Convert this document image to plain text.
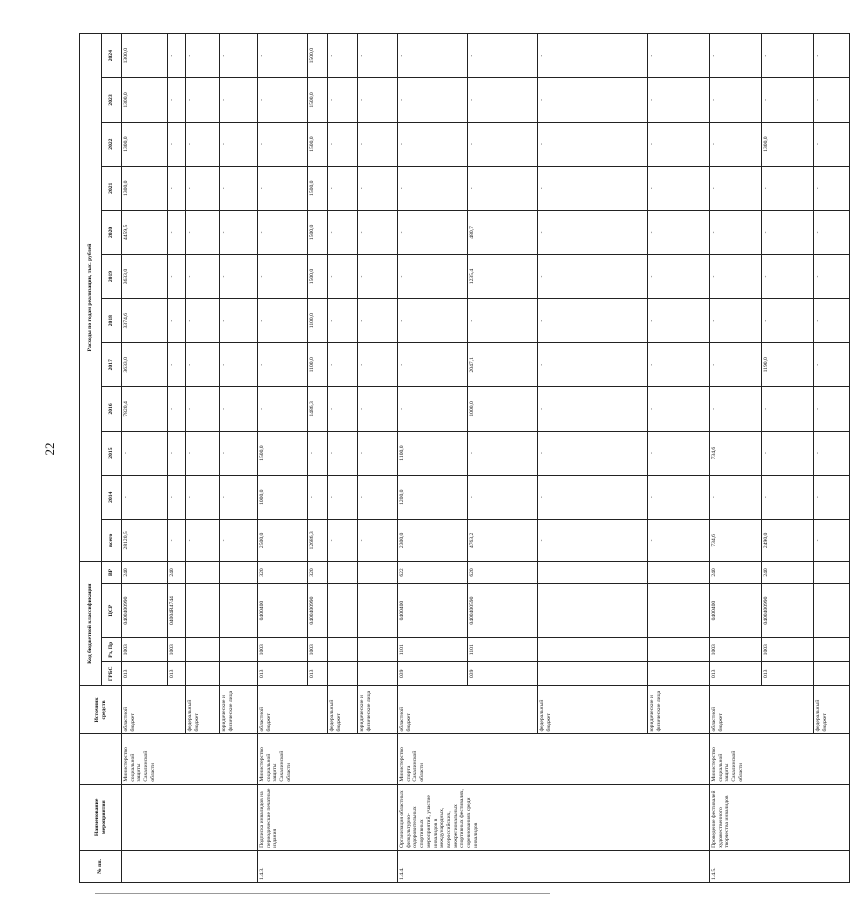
22
№ пп.	Наименование мероприятия		Источник средств	Код бюджетной классификации				Расходы по годам реализации, тыс. рублей											
				ГРБС	Рз, Пр	ЦСР	ВР	всего	2014	2015	2016	2017	2018	2019	2020	2021	2022	2023	2024
		Министерство социальной защиты Сахалинской области	областной бюджет	013	1003	0400400990	240	28120,5	-	-	7820,4	3633,0	3374,6	3633,0	4459,5	1300,0	1300,0	1300,0	1300,0
				013	1003	04004R4744	240	-	-	-	-	-	-	-	-	-	-	-	-
			федеральный бюджет					-	-	-	-	-	-	-	-	-	-	-	-
			юридические и физические лица					-	-	-	-	-	-	-	-	-	-	-	-
1.4.3.	Подписка инвалидов на периодические печатные издания	Министерство социальной защиты Сахалинской области	областной бюджет	013	1003	0400400	320	2500,0	1000,0	1500,0	-	-	-	-	-	-	-	-	-
				013	1003	0400400990	320	12686,3	-	-	1486,3	1100,0	1100,0	1500,0	1500,0	1500,0	1500,0	1500,0	1500,0
			федеральный бюджет					-	-	-	-	-	-	-	-	-	-	-	-
			юридические и физические лица					-	-	-	-	-	-	-	-	-	-	-	-
1.4.4.	Организация областных физкультурно-оздоровительных спортивных мероприятий, участие инвалидов в международных, всероссийских, межрегиональных спортивных фестивалях, соревнованиях среди инвалидов	Министерство спорта Сахалинской области	областной бюджет	039	1101	0400400	622	2300,0	1200,0	1100,0	-	-	-	-	-	-	-	-	-
				039	1101	0400400590	620	4763,2	-	-	1000,0	2047,1	-	1235,4	480,7	-	-	-	-
			федеральный бюджет					-	-	-	-	-	-	-	-	-	-	-	-
			юридические и физические лица					-	-	-	-	-	-	-	-	-	-	-	-
1.4.5.	Проведение фестивалей художественного творчества инвалидов	Министерство социальной защиты Сахалинской области	областной бюджет	013	1003	0400400	240	734,6	-	734,6	-	-	-	-	-	-	-	-	-
				013	1003	0400400990	240	2490,0	-	-	-	1190,0	-	-	-	-	1300,0	-	-
			федеральный бюджет					-	-	-	-	-	-	-	-	-	-	-	-
